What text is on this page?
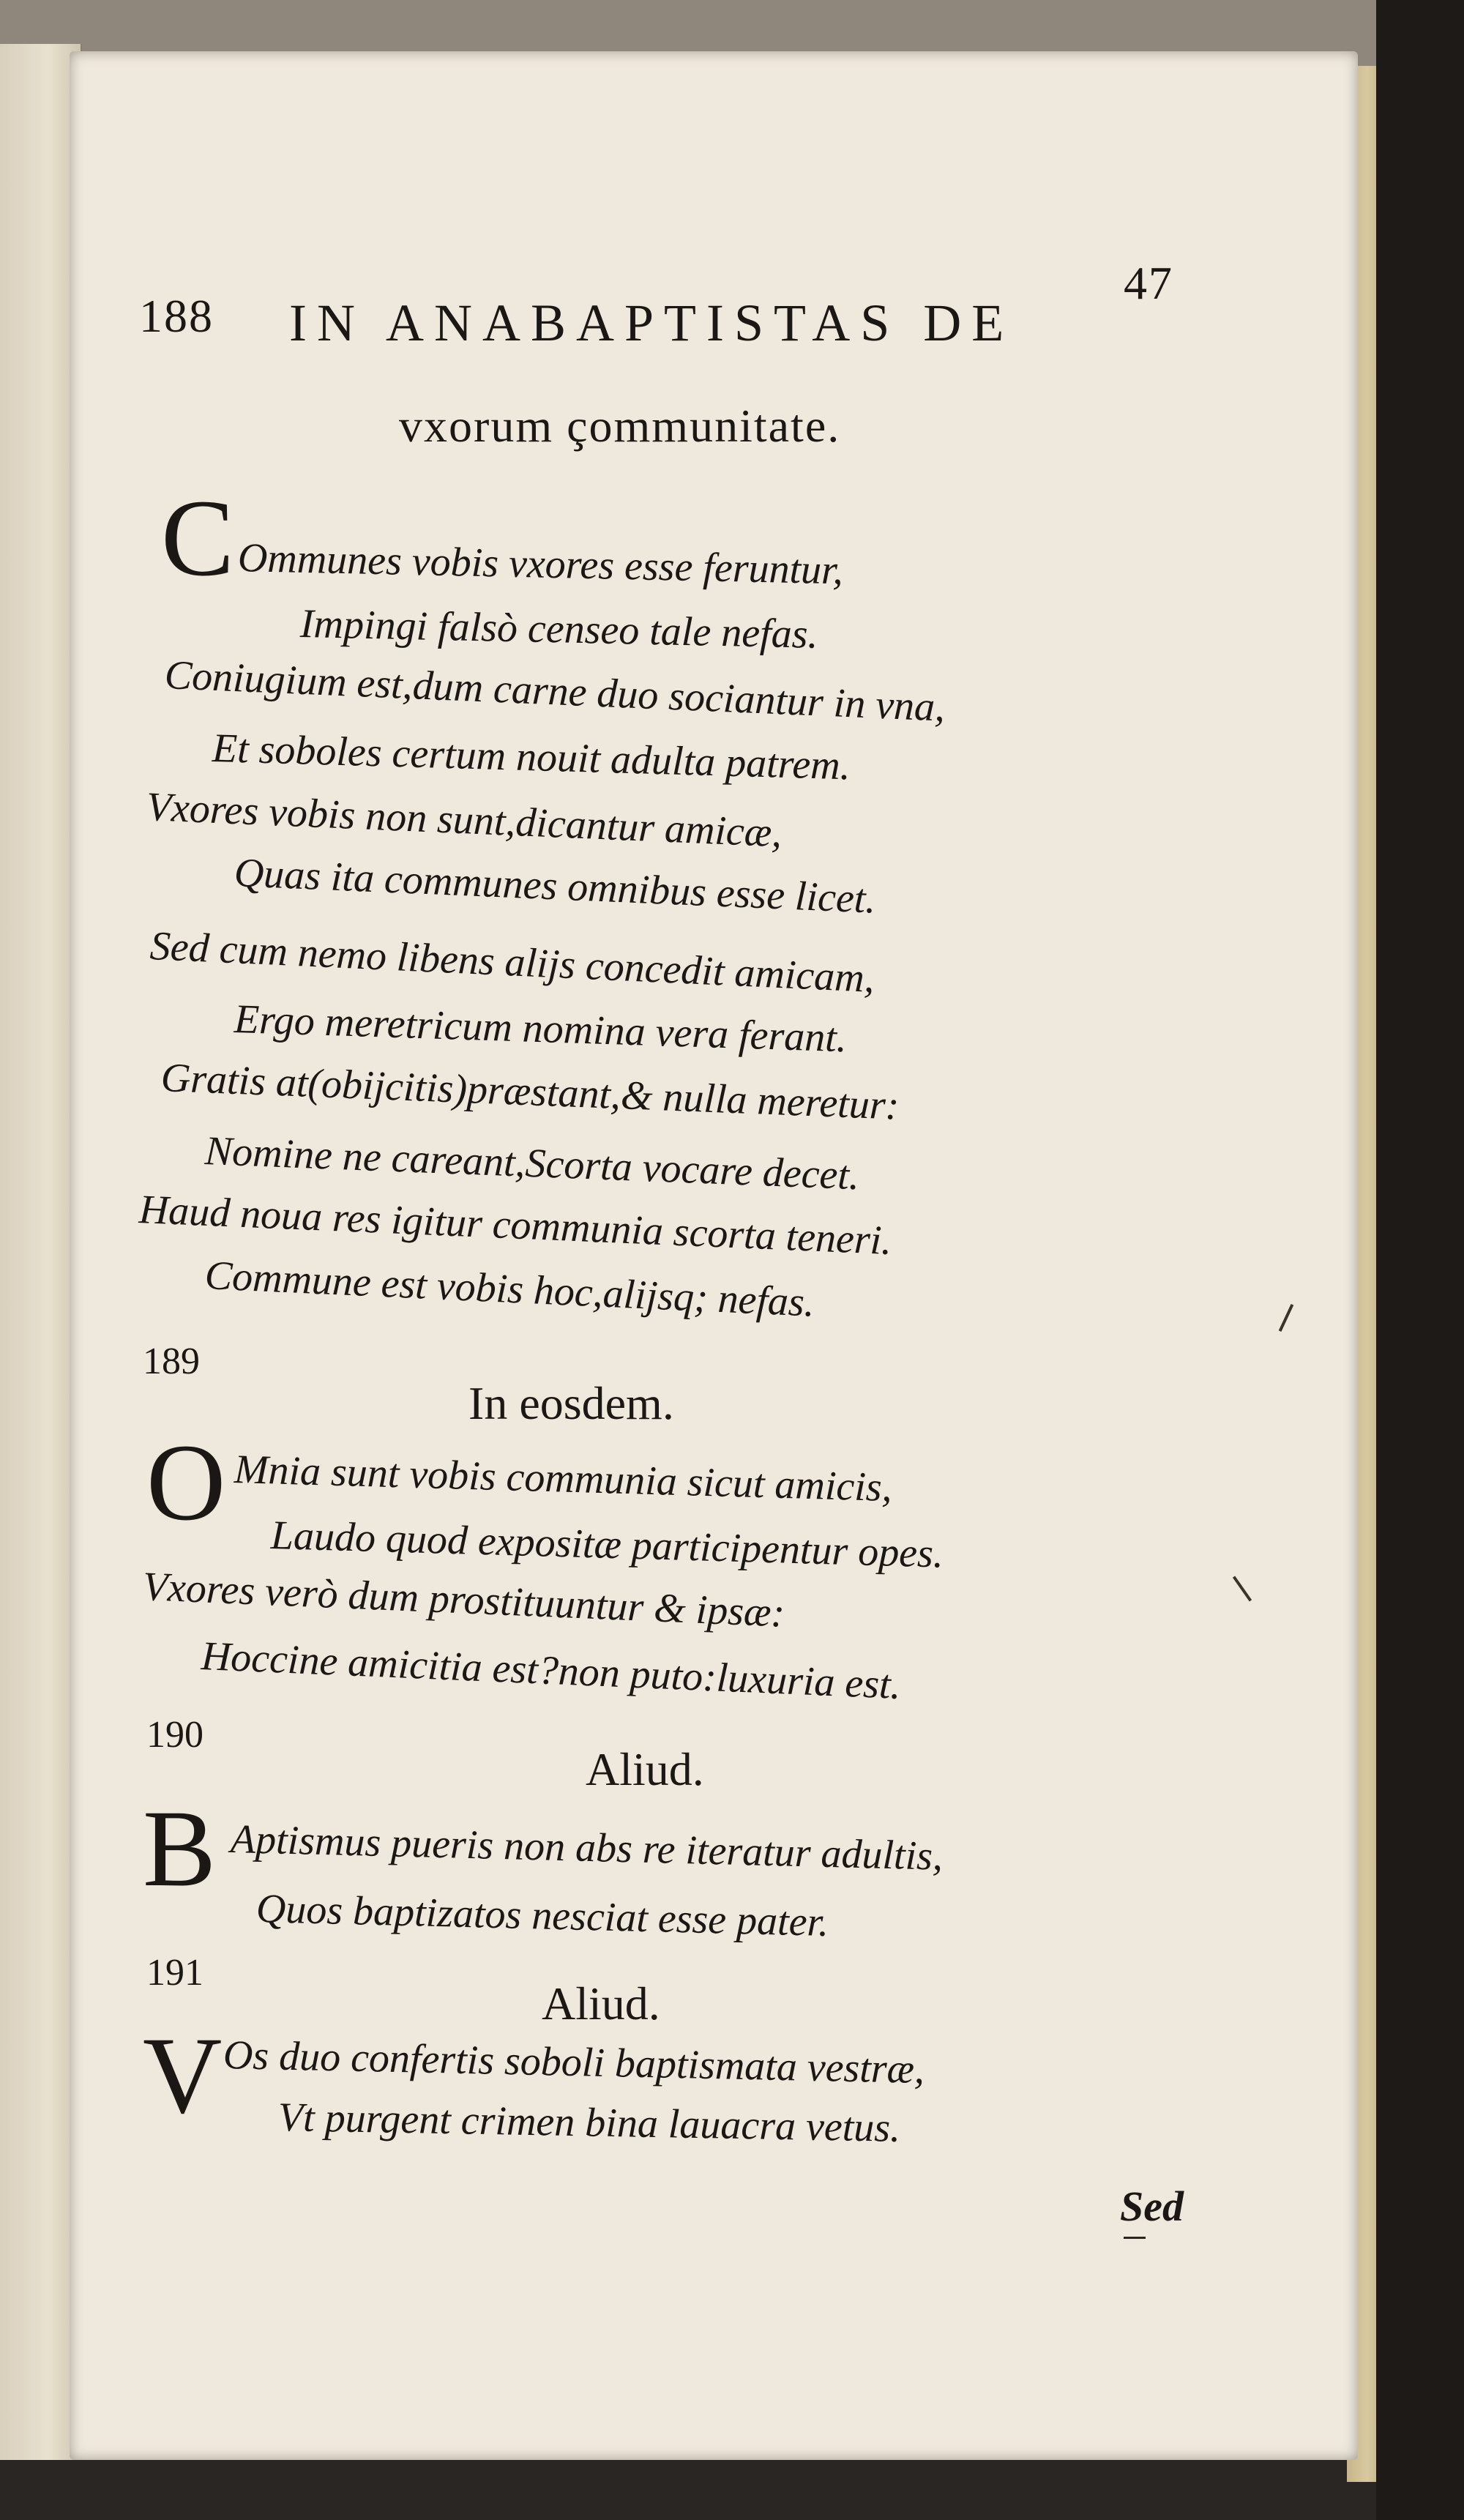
188
47
IN ANABAPTISTAS DE
vxorum çommunitate.
C Ommunes vobis vxores esse feruntur,
Impingi falsò censeo tale nefas.
Coniugium est,dum carne duo sociantur in vna,
Et soboles certum nouit adulta patrem.
Vxores vobis non sunt,dicantur amicæ,
Quas ita communes omnibus esse licet.
Sed cum nemo libens alijs concedit amicam,
Ergo meretricum nomina vera ferant.
Gratis at(obijcitis)præstant,& nulla meretur:
Nomine ne careant,Scorta vocare decet.
Haud noua res igitur communia scorta teneri.
Commune est vobis hoc,alijsq; nefas.
189
In eosdem.
O Mnia sunt vobis communia sicut amicis,
Laudo quod expositæ participentur opes.
Vxores verò dum prostituuntur & ipsæ:
Hoccine amicitia est?non puto:luxuria est.
190
Aliud.
B Aptismus pueris non abs re iteratur adultis,
Quos baptizatos nesciat esse pater.
191
Aliud.
V Os duo confertis soboli baptismata vestræ,
Vt purgent crimen bina lauacra vetus.
Sed
